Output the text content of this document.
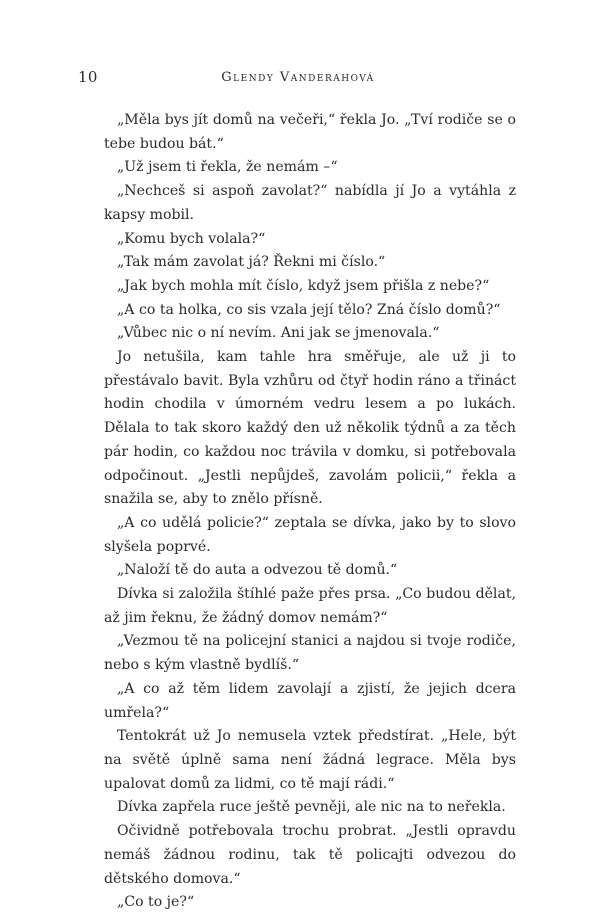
10	Glendy Vanderahová

„Měla bys jít domů na večeři,“ řekla Jo. „Tví rodiče se o tebe budou bát.“

„Už jsem ti řekla, že nemám –“

„Nechceš si aspoň zavolat?“ nabídla jí Jo a vytáhla z kapsy mobil.

„Komu bych volala?“

„Tak mám zavolat já? Řekni mi číslo.“

„Jak bych mohla mít číslo, když jsem přišla z nebe?“

„A co ta holka, co sis vzala její tělo? Zná číslo domů?“

„Vůbec nic o ní nevím. Ani jak se jmenovala.“

Jo netušila, kam tahle hra směřuje, ale už ji to přestávalo bavit. Byla vzhůru od čtyř hodin ráno a třináct hodin chodila v úmorném vedru lesem a po lukách. Dělala to tak skoro každý den už několik týdnů a za těch pár hodin, co každou noc trávila v domku, si potřebovala odpočinout. „Jestli nepůjdeš, zavolám policii,“ řekla a snažila se, aby to znělo přísně.

„A co udělá policie?“ zeptala se dívka, jako by to slovo slyšela poprvé.

„Naloží tě do auta a odvezou tě domů.“

Dívka si založila štíhlé paže přes prsa. „Co budou dělat, až jim řeknu, že žádný domov nemám?“

„Vezmou tě na policejní stanici a najdou si tvoje rodiče, nebo s kým vlastně bydlíš.“

„A co až těm lidem zavolají a zjistí, že jejich dcera umřela?“

Tentokrát už Jo nemusela vztek předstírat. „Hele, být na světě úplně sama není žádná legrace. Měla bys upalovat domů za lidmi, co tě mají rádi.“

Dívka zapřela ruce ještě pevněji, ale nic na to neřekla.

Očividně potřebovala trochu probrat. „Jestli opravdu nemáš žádnou rodinu, tak tě policajti odvezou do dětského domova.“

„Co to je?“
